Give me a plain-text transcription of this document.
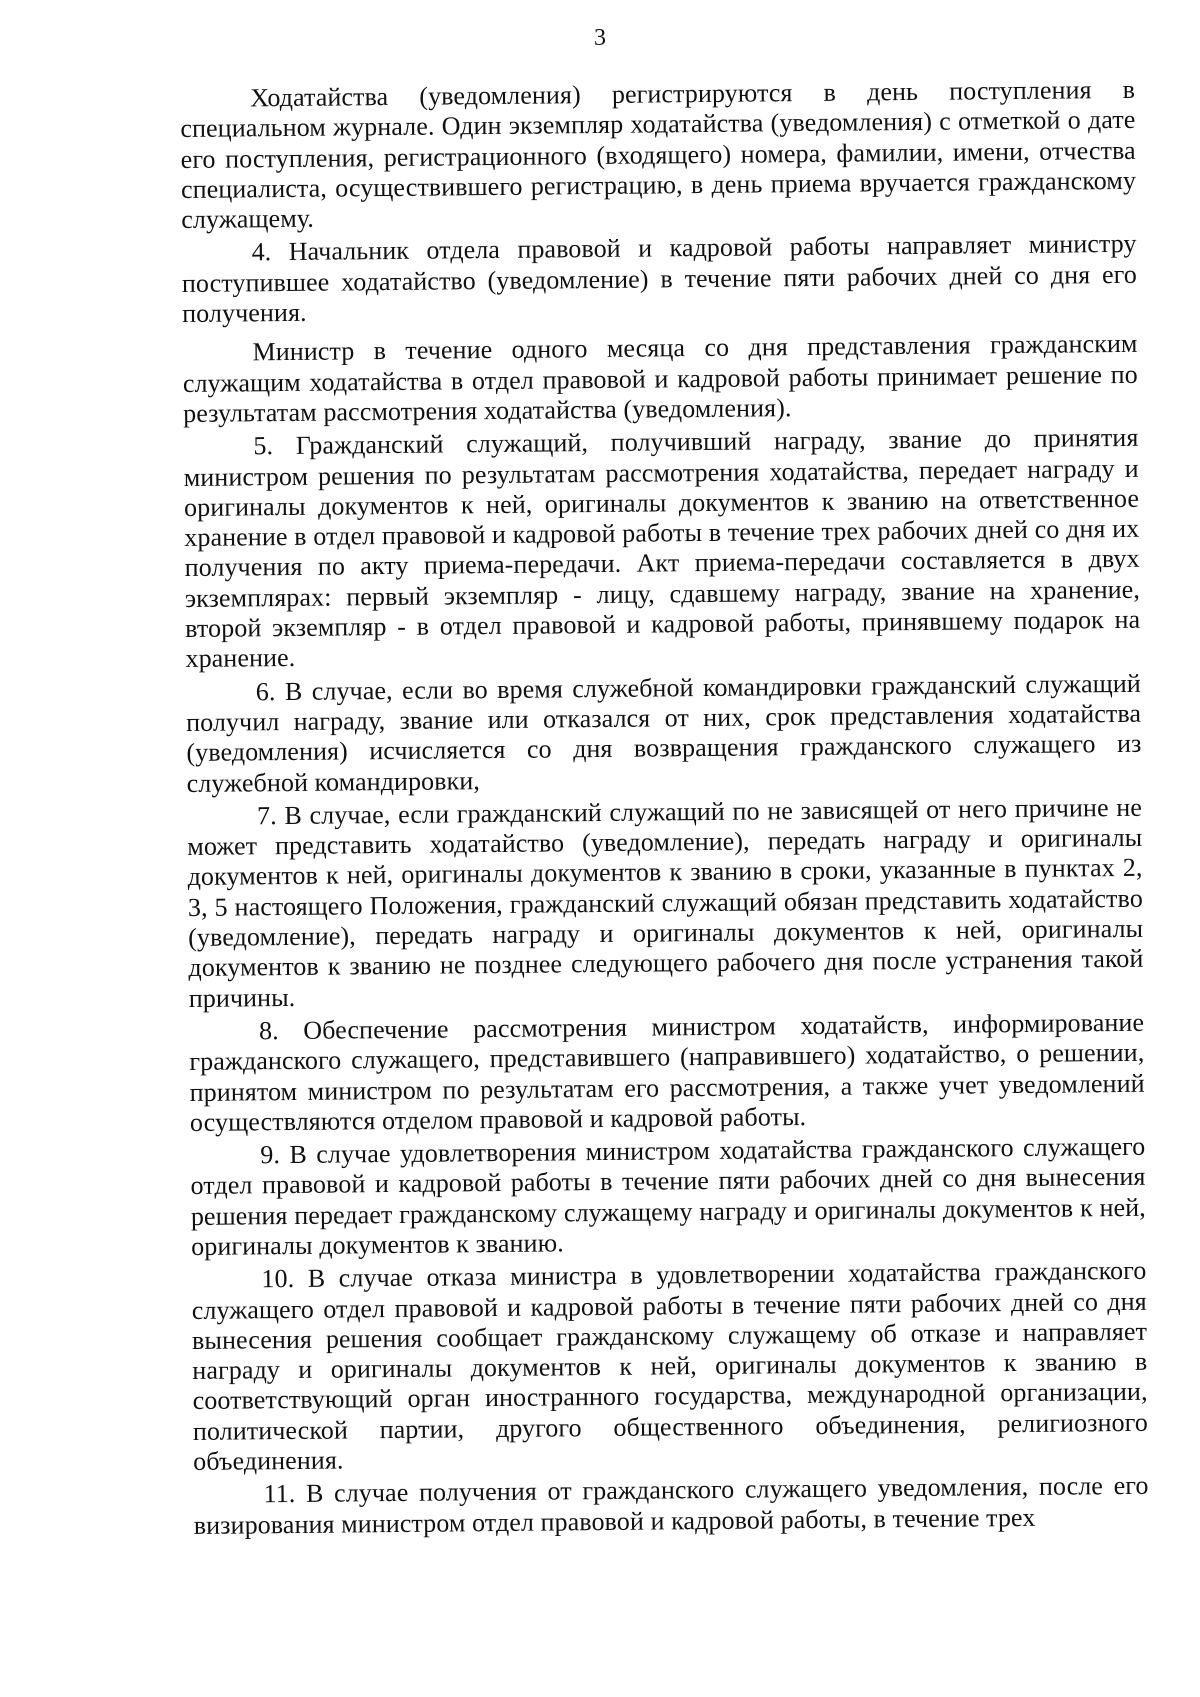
3

Ходатайства (уведомления) регистрируются в день поступления в специальном журнале. Один экземпляр ходатайства (уведомления) с отметкой о дате его поступления, регистрационного (входящего) номера, фамилии, имени, отчества специалиста, осуществившего регистрацию, в день приема вручается гражданскому служащему.

4. Начальник отдела правовой и кадровой работы направляет министру поступившее ходатайство (уведомление) в течение пяти рабочих дней со дня его получения.

Министр в течение одного месяца со дня представления гражданским служащим ходатайства в отдел правовой и кадровой работы принимает решение по результатам рассмотрения ходатайства (уведомления).

5. Гражданский служащий, получивший награду, звание до принятия министром решения по результатам рассмотрения ходатайства, передает награду и оригиналы документов к ней, оригиналы документов к званию на ответственное хранение в отдел правовой и кадровой работы в течение трех рабочих дней со дня их получения по акту приема-передачи. Акт приема-передачи составляется в двух экземплярах: первый экземпляр - лицу, сдавшему награду, звание на хранение, второй экземпляр - в отдел правовой и кадровой работы, принявшему подарок на хранение.

6. В случае, если во время служебной командировки гражданский служащий получил награду, звание или отказался от них, срок представления ходатайства (уведомления) исчисляется со дня возвращения гражданского служащего из служебной командировки,

7. В случае, если гражданский служащий по не зависящей от него причине не может представить ходатайство (уведомление), передать награду и оригиналы документов к ней, оригиналы документов к званию в сроки, указанные в пунктах 2, 3, 5 настоящего Положения, гражданский служащий обязан представить ходатайство (уведомление), передать награду и оригиналы документов к ней, оригиналы документов к званию не позднее следующего рабочего дня после устранения такой причины.

8. Обеспечение рассмотрения министром ходатайств, информирование гражданского служащего, представившего (направившего) ходатайство, о решении, принятом министром по результатам его рассмотрения, а также учет уведомлений осуществляются отделом правовой и кадровой работы.

9. В случае удовлетворения министром ходатайства гражданского служащего отдел правовой и кадровой работы в течение пяти рабочих дней со дня вынесения решения передает гражданскому служащему награду и оригиналы документов к ней, оригиналы документов к званию.

10. В случае отказа министра в удовлетворении ходатайства гражданского служащего отдел правовой и кадровой работы в течение пяти рабочих дней со дня вынесения решения сообщает гражданскому служащему об отказе и направляет награду и оригиналы документов к ней, оригиналы документов к званию в соответствующий орган иностранного государства, международной организации, политической партии, другого общественного объединения, религиозного объединения.

11. В случае получения от гражданского служащего уведомления, после его визирования министром отдел правовой и кадровой работы, в течение трех
